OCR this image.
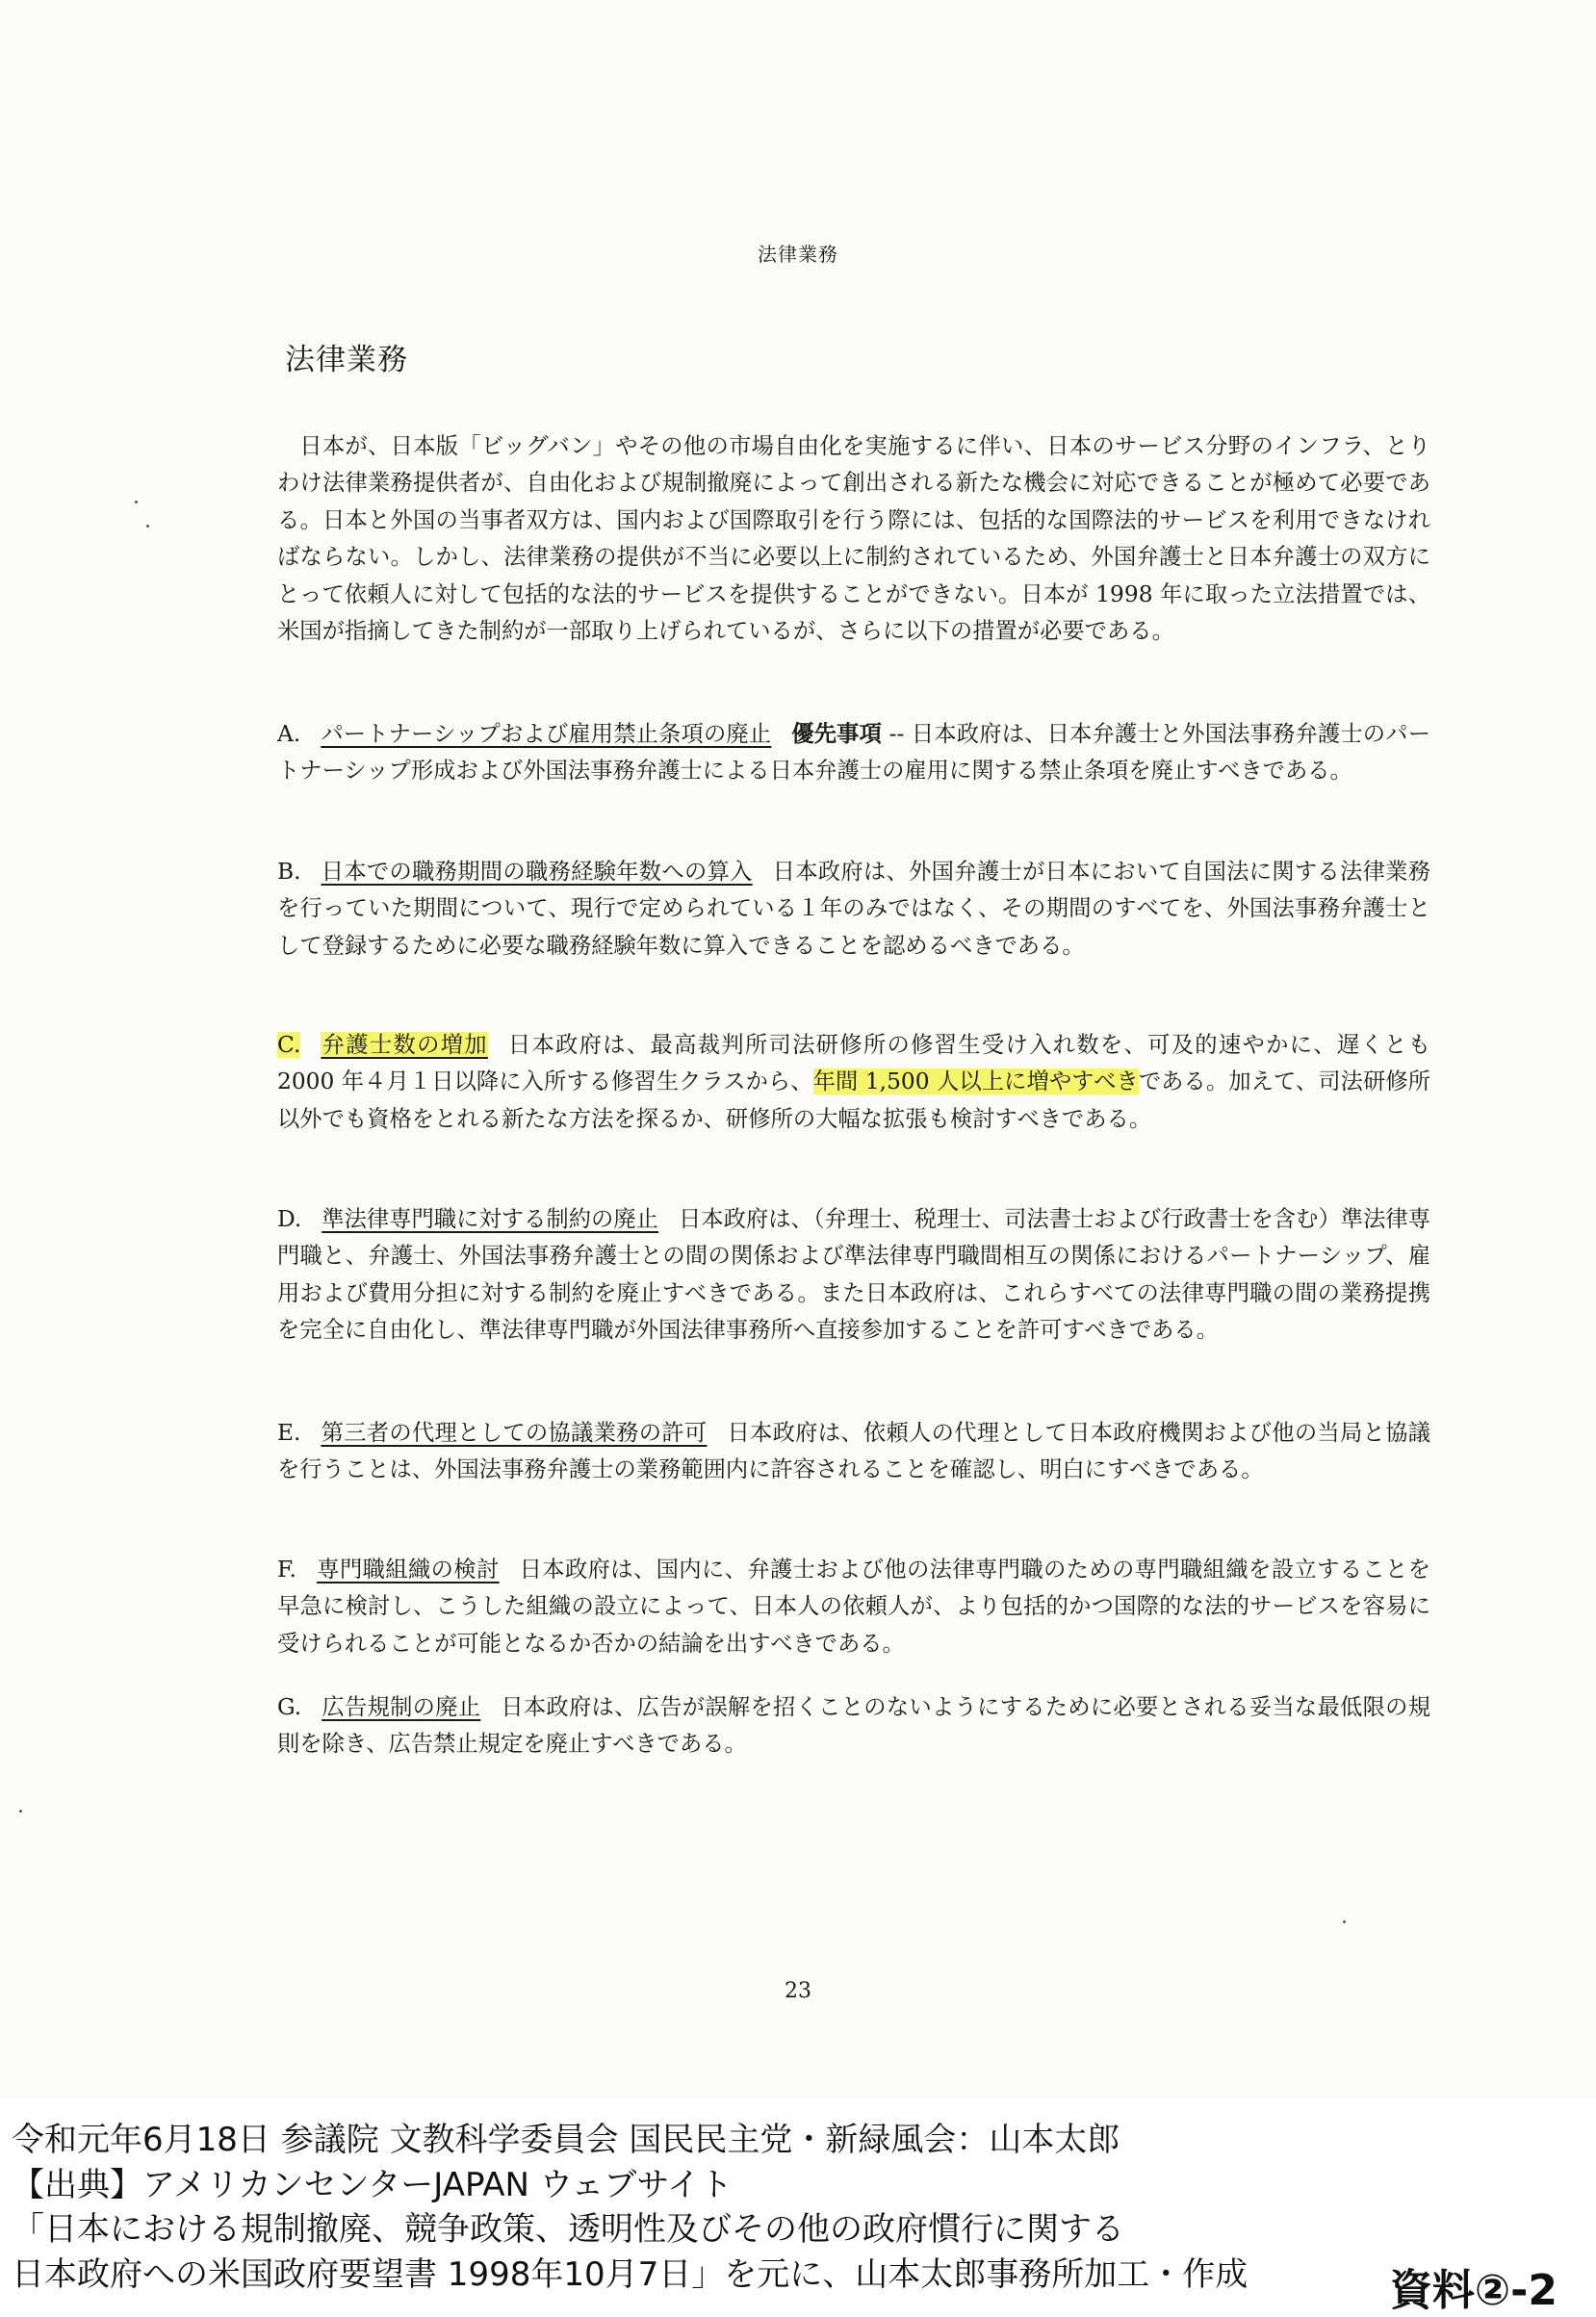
法律業務
法律業務

日本が、日本版「ビッグバン」やその他の市場自由化を実施するに伴い、日本のサービス分野のインフラ、とりわけ法律業務提供者が、自由化および規制撤廃によって創出される新たな機会に対応できることが極めて必要である。日本と外国の当事者双方は、国内および国際取引を行う際には、包括的な国際法的サービスを利用できなければならない。しかし、法律業務の提供が不当に必要以上に制約されているため、外国弁護士と日本弁護士の双方にとって依頼人に対して包括的な法的サービスを提供することができない。日本が 1998 年に取った立法措置では、米国が指摘してきた制約が一部取り上げられているが、さらに以下の措置が必要である。

A. パートナーシップおよび雇用禁止条項の廃止 優先事項 -- 日本政府は、日本弁護士と外国法事務弁護士のパートナーシップ形成および外国法事務弁護士による日本弁護士の雇用に関する禁止条項を廃止すべきである。

B. 日本での職務期間の職務経験年数への算入 日本政府は、外国弁護士が日本において自国法に関する法律業務を行っていた期間について、現行で定められている１年のみではなく、その期間のすべてを、外国法事務弁護士として登録するために必要な職務経験年数に算入できることを認めるべきである。

C. 弁護士数の増加 日本政府は、最高裁判所司法研修所の修習生受け入れ数を、可及的速やかに、遅くとも 2000 年４月１日以降に入所する修習生クラスから、年間 1,500 人以上に増やすべきである。加えて、司法研修所以外でも資格をとれる新たな方法を探るか、研修所の大幅な拡張も検討すべきである。

D. 準法律専門職に対する制約の廃止 日本政府は、（弁理士、税理士、司法書士および行政書士を含む）準法律専門職と、弁護士、外国法事務弁護士との間の関係および準法律専門職間相互の関係におけるパートナーシップ、雇用および費用分担に対する制約を廃止すべきである。また日本政府は、これらすべての法律専門職の間の業務提携を完全に自由化し、準法律専門職が外国法律事務所へ直接参加することを許可すべきである。

E. 第三者の代理としての協議業務の許可 日本政府は、依頼人の代理として日本政府機関および他の当局と協議を行うことは、外国法事務弁護士の業務範囲内に許容されることを確認し、明白にすべきである。

F. 専門職組織の検討 日本政府は、国内に、弁護士および他の法律専門職のための専門職組織を設立することを早急に検討し、こうした組織の設立によって、日本人の依頼人が、より包括的かつ国際的な法的サービスを容易に受けられることが可能となるか否かの結論を出すべきである。

G. 広告規制の廃止 日本政府は、広告が誤解を招くことのないようにするために必要とされる妥当な最低限の規則を除き、広告禁止規定を廃止すべきである。

23
令和元年6月18日 参議院 文教科学委員会 国民民主党・新緑風会：山本太郎
【出典】アメリカンセンターJAPAN ウェブサイト
「日本における規制撤廃、競争政策、透明性及びその他の政府慣行に関する
日本政府への米国政府要望書 1998年10月7日」を元に、山本太郎事務所加工・作成	資料②-2
